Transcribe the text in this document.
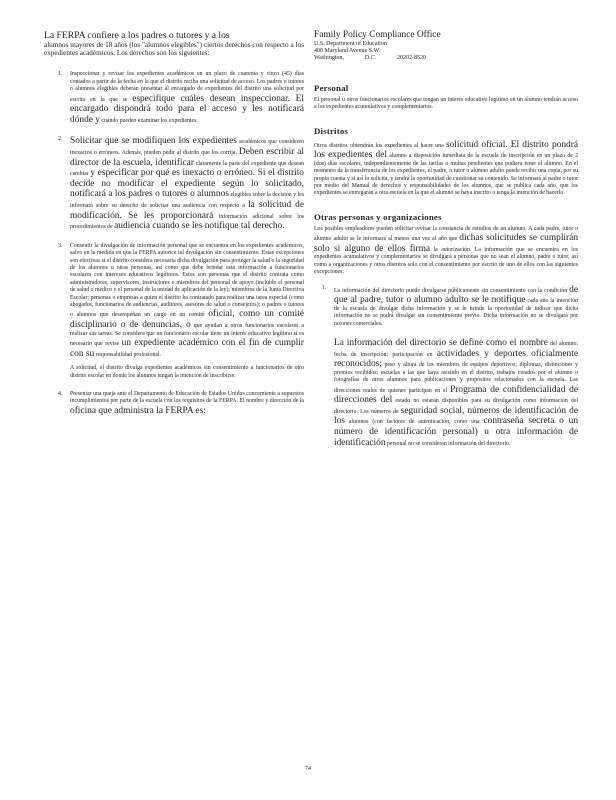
La FERPA confiere a los padres o tutores y a los
alumnos mayores de 18 años (los "alumnos elegibles") ciertos derechos con respecto a los expedientes académicos. Los derechos son los siguientes:

1. Inspeccionar y revisar los expedientes académicos en un plazo de cuarenta y cinco (45) días contados a partir de la fecha en la que el distrito reciba una solicitud de acceso. Los padres o tutores o alumnos elegibles deberán presentar al encargado de expedientes del distrito una solicitud por escrito en la que se especifique cuáles desean inspeccionar. El encargado dispondrá todo para el acceso y les notificará dónde y cuándo pueden examinar los expedientes.
2. Solicitar que se modifiquen los expedientes académicos que consideren inexactos o erróneos. Además, pueden pedir al distrito que los corrija. Deben escribir al director de la escuela, identificar claramente la parte del expediente que desean cambiar y especificar por qué es inexacto o erróneo. Si el distrito decide no modificar el expediente según lo solicitado, notificará a los padres o tutores o alumnos elegibles sobre la decisión y les informará sobre su derecho de solicitar una audiencia con respecto a la solicitud de modificación. Se les proporcionará información adicional sobre los procedimientos de audiencia cuando se les notifique tal derecho.
3. Consentir la divulgación de información personal que se encuentra en los expedientes académicos, salvo en la medida en que la FERPA autorice tal divulgación sin consentimiento. Estas excepciones son efectivas si el distrito considera necesaria dicha divulgación para proteger la salud o la seguridad de los alumnos u otras personas, así como que debe brindar esta información a funcionarios escolares con intereses educativos legítimos. Estos son personas que el distrito contrata como administradores, supervisores, instructores o miembros del personal de apoyo (incluido el personal de salud o médico y el personal de la unidad de aplicación de la ley); miembros de la Junta Directiva Escolar; personas o empresas a quien el distrito ha contratado para realizar una tarea especial (como abogados, funcionarios de audiencias, auditores, asesores de salud o consejeros); o padres o tutores o alumnos que desempeñan un cargo en un comité oficial, como un comité disciplinario o de denuncias, o que ayudan a otros funcionarios escolares a realizar sus tareas. Se considera que un funcionario escolar tiene un interés educativo legítimo si es necesario que revise un expediente académico con el fin de cumplir con su responsabilidad profesional.
A solicitud, el distrito divulga expedientes académicos sin consentimiento a funcionarios de otro distrito escolar en donde los alumnos tengan la intención de inscribirse.
4. Presentar una queja ante el Departamento de Educación de Estados Unidos concerniente a supuestos incumplimientos por parte de la escuela con los requisitos de la FERPA. El nombre y dirección de la oficina que administra la FERPA es:
Family Policy Compliance Office
U.S. Department of Education
400 Maryland Avenue S.W.
Washington,	D.C.	20202-8520
Personal

El personal u otros funcionarios escolares que tengan un interés educativo legítimo en un alumno tendrán acceso a los expedientes acumulativos y complementarios.

Distritos

Otros distritos obtendrán los expedientes al hacer una solicitud oficial. El distrito pondrá los expedientes del alumno a disposición inmediata de la escuela de inscripción en un plazo de 2 (dos) días escolares, independientemente de las tarifas o multas pendientes que pudiera tener el alumno. En el momento de la transferencia de los expedientes, el padre, o tutor o alumno adulto puede recibir una copia, por su propia cuenta y si así lo solicita, y tendrá la oportunidad de cuestionar su contenido. Se informará al padre o tutor por medio del Manual de derechos y responsabilidades de los alumnos, que se publica cada año, que los expedientes se entregarán a otra escuela en la que el alumno se haya inscrito o tenga la intención de hacerlo.

Otras personas y organizaciones

Los posibles empleadores pueden solicitar revisar la constancia de estudios de un alumno. A cada padre, tutor o alumno adulto se le informará al menos una vez al año que dichas solicitudes se cumplirán solo si alguno de ellos firma la autorización. La información que se encuentra en los expedientes acumulativos y complementarios se divulgará a personas que no sean el alumno, padre o tutor, así como a organizaciones y otros distritos solo con el consentimiento por escrito de uno de ellos con las siguientes excepciones:

1. La información del directorio puede divulgarse públicamente sin consentimiento con la condición de que al padre, tutor o alumno adulto se le notifique cada año la intención de la escuela de divulgar dicha información y se le brinde la oportunidad de indicar que dicha información no se podrá divulgar sin consentimiento previo. Dicha información no se divulgará por razones comerciales.
La información del directorio se define como el nombre del alumno; fecha de inscripción; participación en actividades y deportes oficialmente reconocidos; peso y altura de los miembros de equipos deportivos; diplomas, distinciones y premios recibidos; escuelas a las que haya asistido en el distrito, trabajos creados por el alumno o fotografías de otros alumnos para publicaciones y propósitos relacionados con la escuela. Las direcciones reales de quienes participan en el Programa de confidencialidad de direcciones del estado no estarán disponibles para su divulgación como información del directorio. Los números de seguridad social, números de identificación de los alumnos (con factores de autenticación, como una contraseña secreta o un número de identificación personal) u otra información de identificación personal no se consideran información del directorio.
74
